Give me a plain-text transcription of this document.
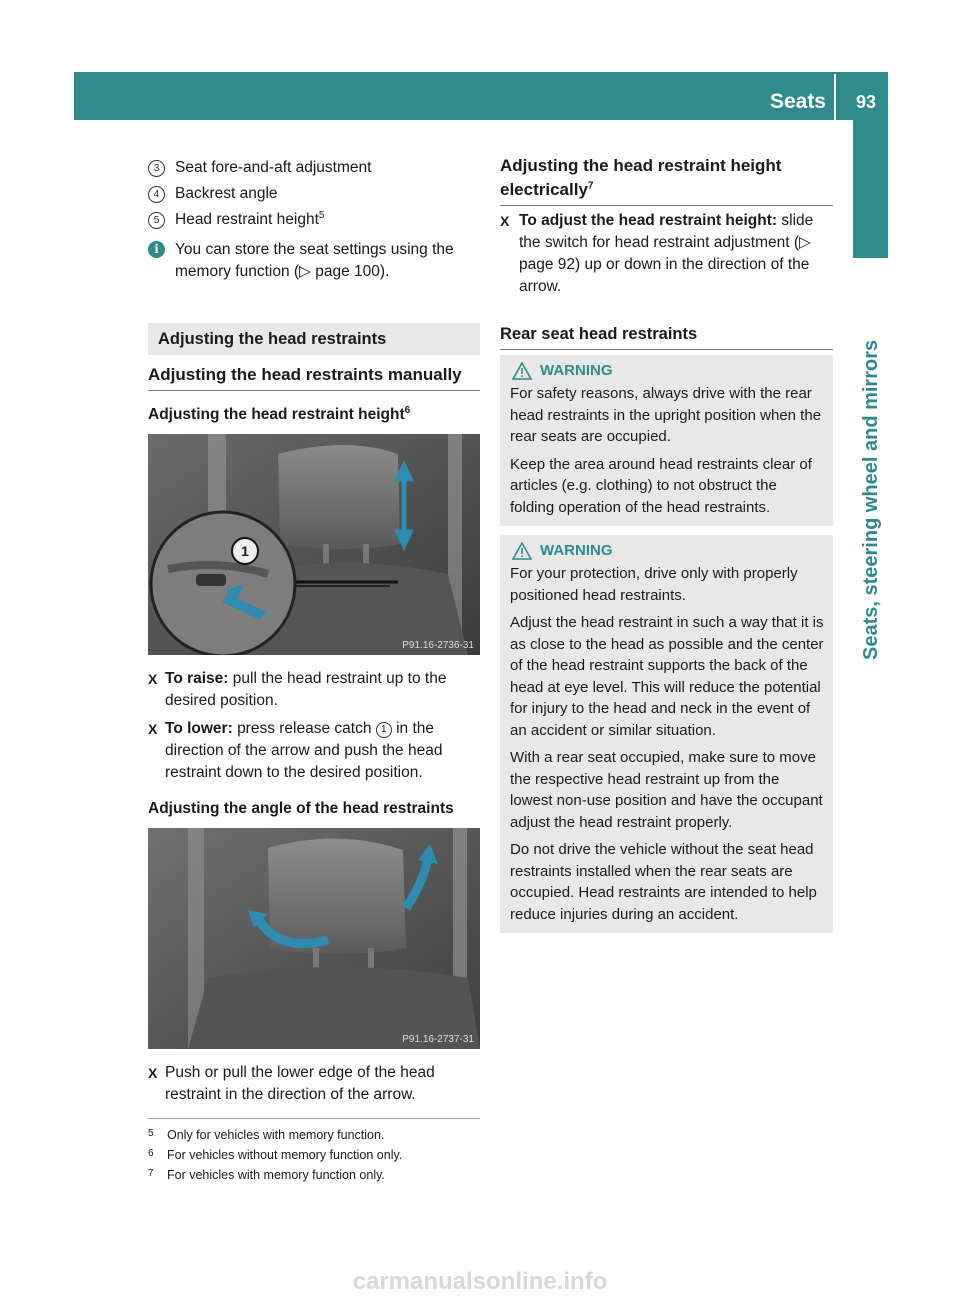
Seats 93
Seats, steering wheel and mirrors
3	Seat fore-and-aft adjustment
4	Backrest angle
5	Head restraint height$^5$
i	You can store the seat settings using the memory function (▷ page 100).
Adjusting the head restraints
Adjusting the head restraints manually
Adjusting the head restraint height$^6$
1
P91.16-2736-31
X To raise: pull the head restraint up to the desired position.
X To lower: press release catch 1 in the direction of the arrow and push the head restraint down to the desired position.
Adjusting the angle of the head restraints
P91.16-2737-31
X Push or pull the lower edge of the head restraint in the direction of the arrow.
5 Only for vehicles with memory function.
6 For vehicles without memory function only.
7 For vehicles with memory function only.
Adjusting the head restraint height electrically$^7$
X To adjust the head restraint height: slide the switch for head restraint adjustment (▷ page 92) up or down in the direction of the arrow.
Rear seat head restraints
WARNING

For safety reasons, always drive with the rear head restraints in the upright position when the rear seats are occupied.

Keep the area around head restraints clear of articles (e.g. clothing) to not obstruct the folding operation of the head restraints.

WARNING

For your protection, drive only with properly positioned head restraints.

Adjust the head restraint in such a way that it is as close to the head as possible and the center of the head restraint supports the back of the head at eye level. This will reduce the potential for injury to the head and neck in the event of an accident or similar situation.

With a rear seat occupied, make sure to move the respective head restraint up from the lowest non-use position and have the occupant adjust the head restraint properly.

Do not drive the vehicle without the seat head restraints installed when the rear seats are occupied. Head restraints are intended to help reduce injuries during an accident.

carmanualsonline.info
